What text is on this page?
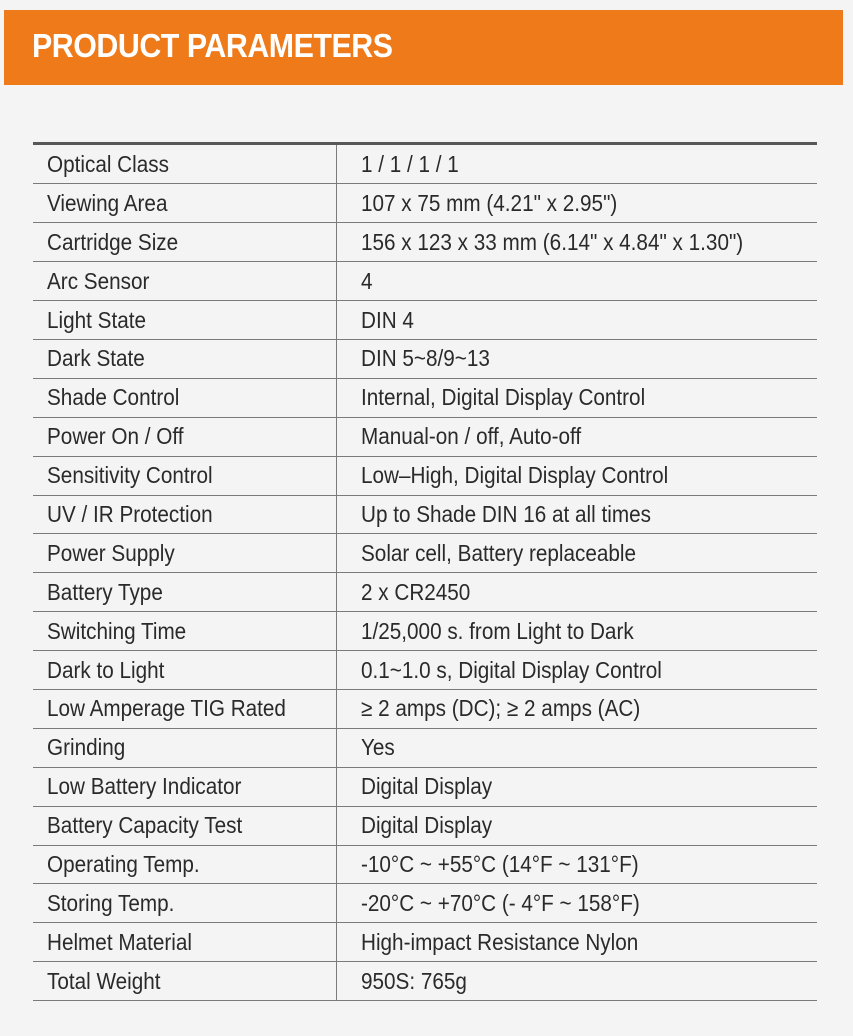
PRODUCT PARAMETERS
Optical Class	1 / 1 / 1 / 1
Viewing Area	107 x 75 mm (4.21" x 2.95")
Cartridge Size	156 x 123 x 33 mm (6.14" x 4.84" x 1.30")
Arc Sensor	4
Light State	DIN 4
Dark State	DIN 5~8/9~13
Shade Control	Internal, Digital Display Control
Power On / Off	Manual-on / off, Auto-off
Sensitivity Control	Low–High, Digital Display Control
UV / IR Protection	Up to Shade DIN 16 at all times
Power Supply	Solar cell, Battery replaceable
Battery Type	2 x CR2450
Switching Time	1/25,000 s. from Light to Dark
Dark to Light	0.1~1.0 s, Digital Display Control
Low Amperage TIG Rated	≥ 2 amps (DC); ≥ 2 amps (AC)
Grinding	Yes
Low Battery Indicator	Digital Display
Battery Capacity Test	Digital Display
Operating Temp.	-10°C ~ +55°C (14°F ~ 131°F)
Storing Temp.	-20°C ~ +70°C (- 4°F ~ 158°F)
Helmet Material	High-impact Resistance Nylon
Total Weight	950S: 765g
